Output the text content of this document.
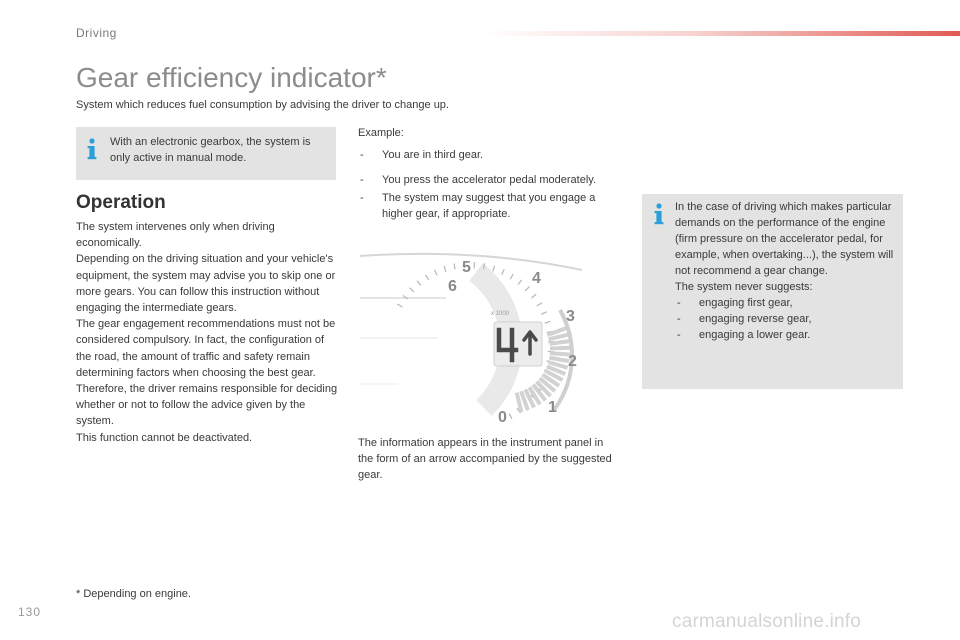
Driving
Gear efficiency indicator*
System which reduces fuel consumption by advising the driver to change up.
With an electronic gearbox, the system is only active in manual mode.
Operation

The system intervenes only when driving economically.

Depending on the driving situation and your vehicle's equipment, the system may advise you to skip one or more gears. You can follow this instruction without engaging the intermediate gears.

The gear engagement recommendations must not be considered compulsory. In fact, the configuration of the road, the amount of traffic and safety remain determining factors when choosing the best gear. Therefore, the driver remains responsible for deciding whether or not to follow the advice given by the system.

This function cannot be deactivated.

Example:

- You are in third gear.

- You press the accelerator pedal moderately.

- The system may suggest that you engage a higher gear, if appropriate.

5
4
6
3
2
1
0
x 1000
The information appears in the instrument panel in the form of an arrow accompanied by the suggested gear.

In the case of driving which makes particular demands on the performance of the engine (firm pressure on the accelerator pedal, for example, when overtaking...), the system will not recommend a gear change.

The system never suggests:

- engaging first gear,

- engaging reverse gear,

- engaging a lower gear.

* Depending on engine.
130	carmanualsonline.info
